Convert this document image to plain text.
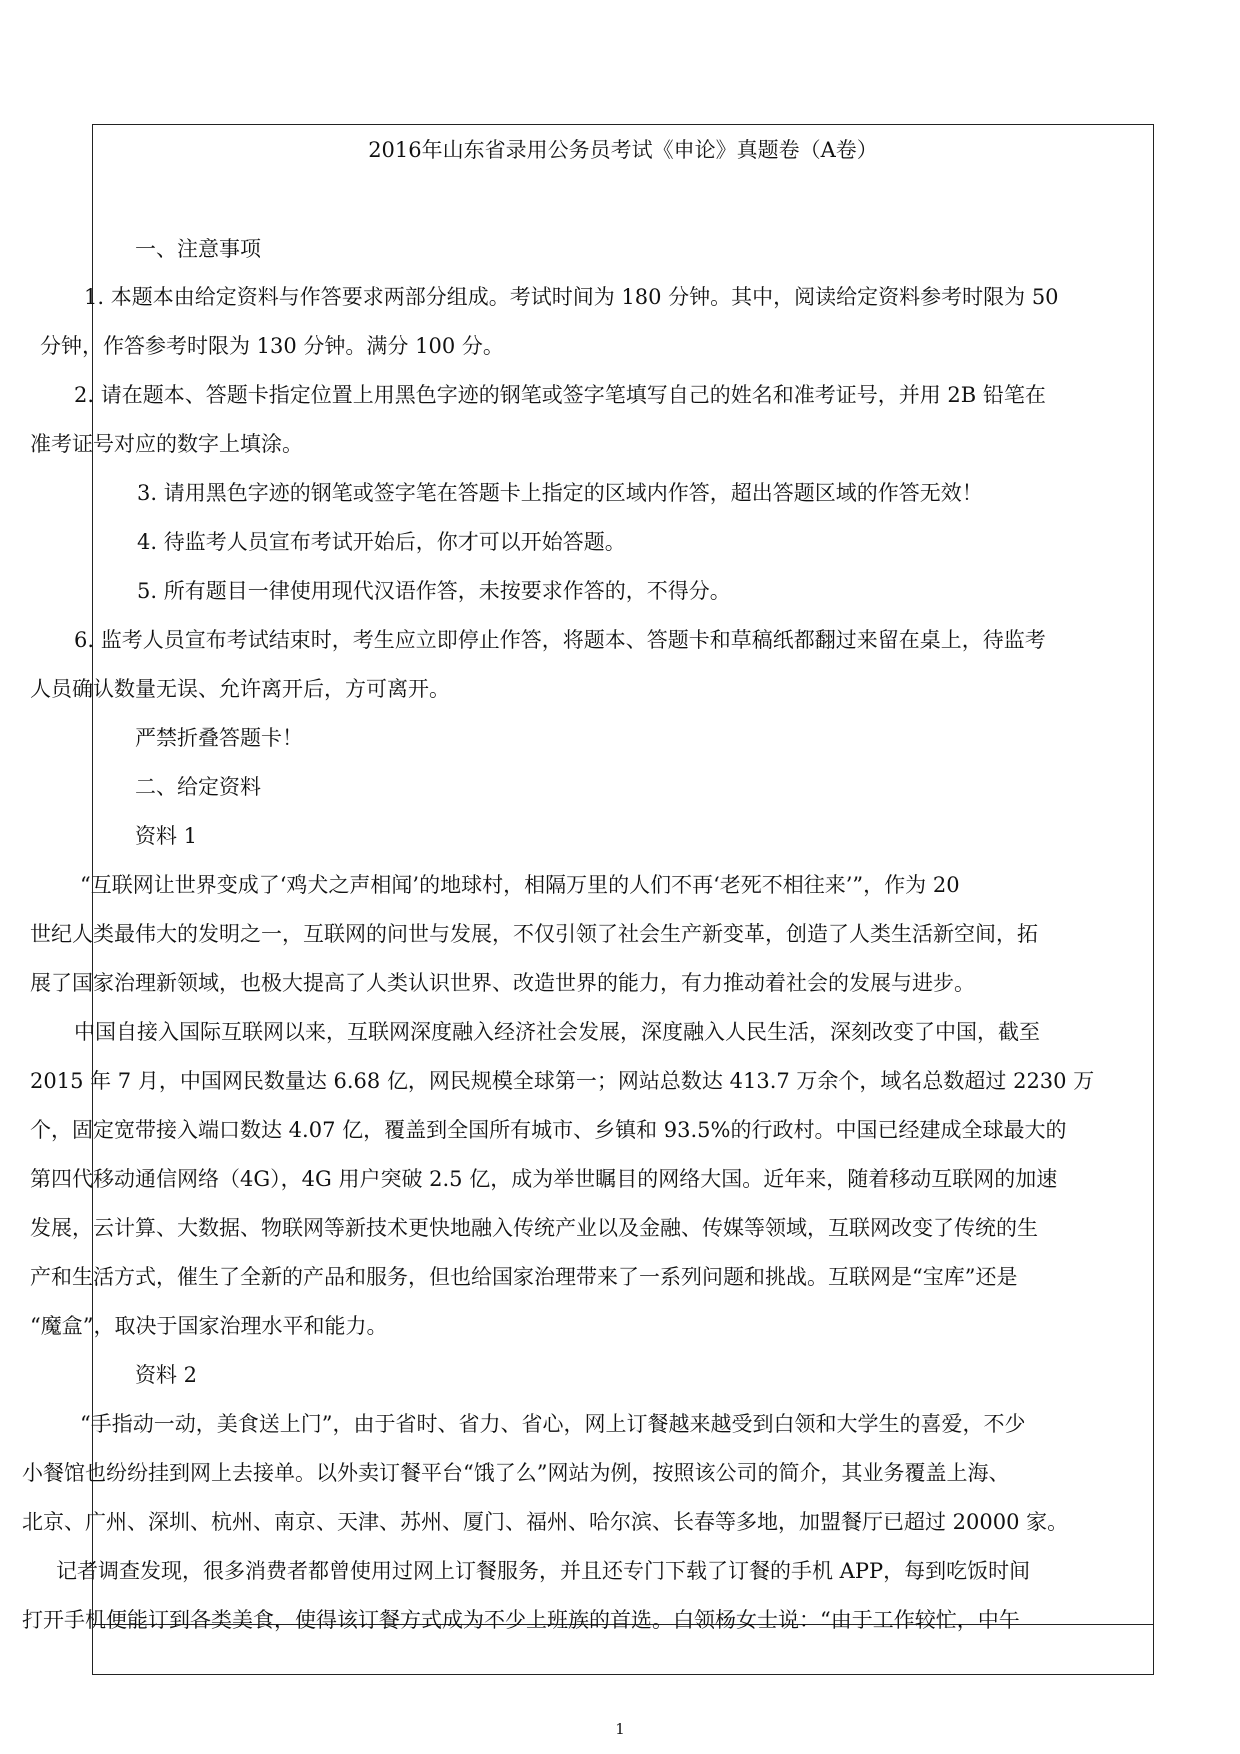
2016年山东省录用公务员考试《申论》真题卷（A卷）
一、注意事项
1. 本题本由给定资料与作答要求两部分组成。考试时间为 180 分钟。其中，阅读给定资料参考时限为 50
分钟，作答参考时限为 130 分钟。满分 100 分。
2. 请在题本、答题卡指定位置上用黑色字迹的钢笔或签字笔填写自己的姓名和准考证号，并用 2B 铅笔在
准考证号对应的数字上填涂。
3. 请用黑色字迹的钢笔或签字笔在答题卡上指定的区域内作答，超出答题区域的作答无效！
4. 待监考人员宣布考试开始后，你才可以开始答题。
5. 所有题目一律使用现代汉语作答，未按要求作答的，不得分。
6. 监考人员宣布考试结束时，考生应立即停止作答，将题本、答题卡和草稿纸都翻过来留在桌上，待监考
人员确认数量无误、允许离开后，方可离开。
严禁折叠答题卡！
二、给定资料
资料 1
“互联网让世界变成了‘鸡犬之声相闻’的地球村，相隔万里的人们不再‘老死不相往来’”，作为 20
世纪人类最伟大的发明之一，互联网的问世与发展，不仅引领了社会生产新变革，创造了人类生活新空间，拓
展了国家治理新领域，也极大提高了人类认识世界、改造世界的能力，有力推动着社会的发展与进步。
中国自接入国际互联网以来，互联网深度融入经济社会发展，深度融入人民生活，深刻改变了中国，截至
2015 年 7 月，中国网民数量达 6.68 亿，网民规模全球第一；网站总数达 413.7 万余个，域名总数超过 2230 万
个，固定宽带接入端口数达 4.07 亿，覆盖到全国所有城市、乡镇和 93.5%的行政村。中国已经建成全球最大的
第四代移动通信网络（4G），4G 用户突破 2.5 亿，成为举世瞩目的网络大国。近年来，随着移动互联网的加速
发展，云计算、大数据、物联网等新技术更快地融入传统产业以及金融、传媒等领域，互联网改变了传统的生
产和生活方式，催生了全新的产品和服务，但也给国家治理带来了一系列问题和挑战。互联网是“宝库”还是
“魔盒”，取决于国家治理水平和能力。
资料 2
“手指动一动，美食送上门”，由于省时、省力、省心，网上订餐越来越受到白领和大学生的喜爱，不少
小餐馆也纷纷挂到网上去接单。以外卖订餐平台“饿了么”网站为例，按照该公司的简介，其业务覆盖上海、
北京、广州、深圳、杭州、南京、天津、苏州、厦门、福州、哈尔滨、长春等多地，加盟餐厅已超过 20000 家。
记者调查发现，很多消费者都曾使用过网上订餐服务，并且还专门下载了订餐的手机 APP，每到吃饭时间
打开手机便能订到各类美食，使得该订餐方式成为不少上班族的首选。白领杨女士说：“由于工作较忙，中午
1
